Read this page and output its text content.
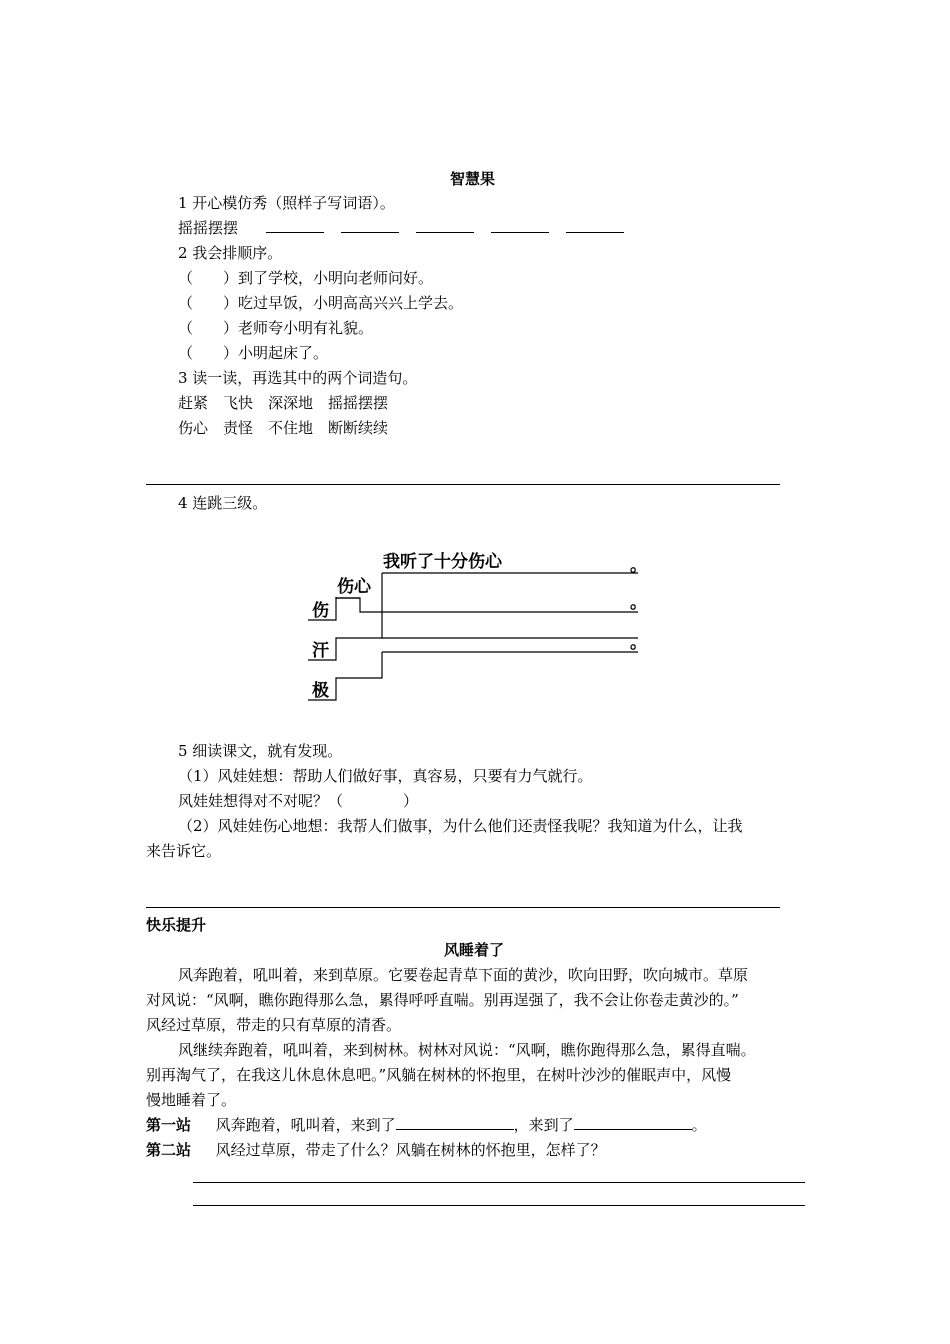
智慧果
1 开心模仿秀（照样子写词语）。
摇摇摆摆
2 我会排顺序。
（　　）到了学校，小明向老师问好。
（　　）吃过早饭，小明高高兴兴上学去。
（　　）老师夸小明有礼貌。
（　　）小明起床了。
3 读一读，再选其中的两个词造句。
赶紧　飞快　深深地　摇摇摆摆
伤心　责怪　不住地　断断续续
4 连跳三级。
我听了十分伤心
伤心
伤
汗
极
。
。
。
5 细读课文，就有发现。
（1）风娃娃想：帮助人们做好事，真容易，只要有力气就行。
风娃娃想得对不对呢？（　　　　）
（2）风娃娃伤心地想：我帮人们做事，为什么他们还责怪我呢？我知道为什么，让我
来告诉它。
快乐提升
风睡着了
风奔跑着，吼叫着，来到草原。它要卷起青草下面的黄沙，吹向田野，吹向城市。草原
对风说：“风啊，瞧你跑得那么急，累得呼呼直喘。别再逞强了，我不会让你卷走黄沙的。”
风经过草原，带走的只有草原的清香。
风继续奔跑着，吼叫着，来到树林。树林对风说：“风啊，瞧你跑得那么急，累得直喘。
别再淘气了，在我这儿休息休息吧。”风躺在树林的怀抱里，在树叶沙沙的催眠声中，风慢
慢地睡着了。
第一站 风奔跑着，吼叫着，来到了	，来到了	。
第二站 风经过草原，带走了什么？风躺在树林的怀抱里，怎样了？
